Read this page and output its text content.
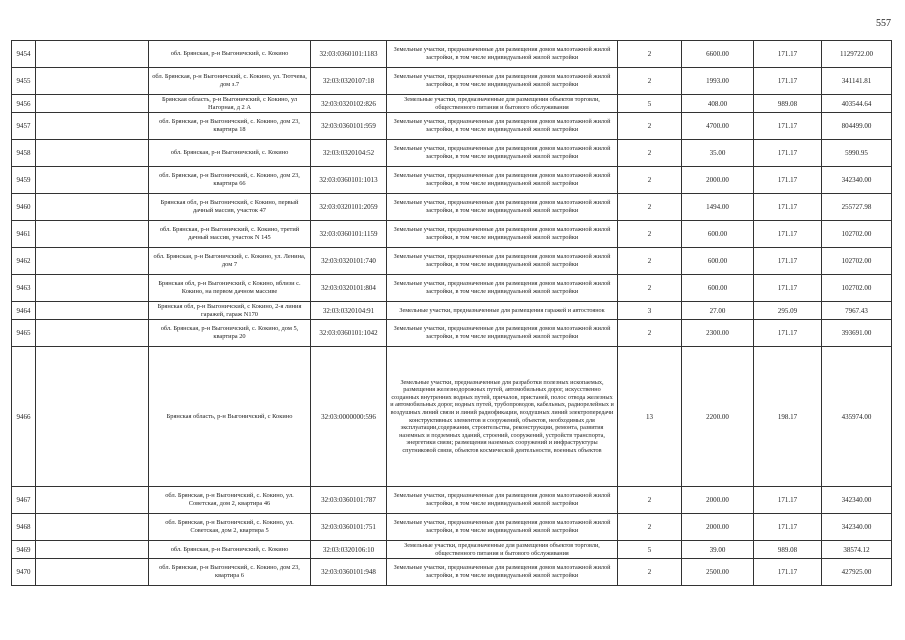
557
9454		обл. Брянская, р-н Выгоничский, с. Кокино	32:03:0360101:1183	Земельные участки, предназначенные для размещения домов малоэтажной жилой застройки, в том числе индивидуальной жилой застройки	2	6600.00	171.17	1129722.00
9455		обл. Брянская, р-н Выгоничский, с. Кокино, ул. Тютчева, дом з.7	32:03:0320107:18	Земельные участки, предназначенные для размещения домов малоэтажной жилой застройки, в том числе индивидуальной жилой застройки	2	1993.00	171.17	341141.81
9456		Брянская область, р-н Выгоничский, с Кокино, ул Нагорная, д 2 А	32:03:0320102:826	Земельные участки, предназначенные для размещения объектов торговли, общественного питания и бытового обслуживания	5	408.00	989.08	403544.64
9457		обл. Брянская, р-н Выгоничский, с. Кокино, дом 23, квартира 18	32:03:0360101:959	Земельные участки, предназначенные для размещения домов малоэтажной жилой застройки, в том числе индивидуальной жилой застройки	2	4700.00	171.17	804499.00
9458		обл. Брянская, р-н Выгоничский, с. Кокино	32:03:0320104:52	Земельные участки, предназначенные для размещения домов малоэтажной жилой застройки, в том числе индивидуальной жилой застройки	2	35.00	171.17	5990.95
9459		обл. Брянская, р-н Выгоничский, с. Кокино, дом 23, квартира 66	32:03:0360101:1013	Земельные участки, предназначенные для размещения домов малоэтажной жилой застройки, в том числе индивидуальной жилой застройки	2	2000.00	171.17	342340.00
9460		Брянская обл, р-н Выгоничский, с Кокино, первый дачный массив, участок 47	32:03:0320101:2059	Земельные участки, предназначенные для размещения домов малоэтажной жилой застройки, в том числе индивидуальной жилой застройки	2	1494.00	171.17	255727.98
9461		обл. Брянская, р-н Выгоничский, с. Кокино, третий дачный массив, участок N 145	32:03:0360101:1159	Земельные участки, предназначенные для размещения домов малоэтажной жилой застройки, в том числе индивидуальной жилой застройки	2	600.00	171.17	102702.00
9462		обл. Брянская, р-н Выгоничский, с. Кокино, ул. Ленина, дом 7	32:03:0320101:740	Земельные участки, предназначенные для размещения домов малоэтажной жилой застройки, в том числе индивидуальной жилой застройки	2	600.00	171.17	102702.00
9463		Брянская обл, р-н Выгоничский, с Кокино, вблизи с. Кокино, на первом дачном массиве	32:03:0320101:804	Земельные участки, предназначенные для размещения домов малоэтажной жилой застройки, в том числе индивидуальной жилой застройки	2	600.00	171.17	102702.00
9464		Брянская обл, р-н Выгоничский, с Кокино, 2-я линия гаражей, гараж N170	32:03:0320104:91	Земельные участки, предназначенные для размещения гаражей и автостоянок	3	27.00	295.09	7967.43
9465		обл. Брянская, р-н Выгоничский, с. Кокино, дом 5, квартира 20	32:03:0360101:1042	Земельные участки, предназначенные для размещения домов малоэтажной жилой застройки, в том числе индивидуальной жилой застройки	2	2300.00	171.17	393691.00
9466		Брянская область, р-н Выгоничский, с Кокино	32:03:0000000:596	Земельные участки, предназначенные для разработки полезных ископаемых, размещения железнодорожных путей, автомобильных дорог, искусственно созданных внутренних водных путей, причалов, пристаней, полос отвода железных и автомобильных дорог, водных путей, трубопроводов, кабельных, радиорелейных и воздушных линий связи и линий радиофикации, воздушных линий электропередачи конструктивных элементов и сооружений, объектов, необходимых для эксплуатации,содержания, строительства, реконструкции, ремонта, развития наземных и подземных зданий, строений, сооружений, устройств транспорта, энергетики связи; размещения наземных сооружений и инфраструктуры спутниковой связи, объектов космической деятельности, военных объектов	13	2200.00	198.17	435974.00
9467		обл. Брянская, р-н Выгоничский, с. Кокино, ул. Советская, дом 2, квартира 46	32:03:0360101:787	Земельные участки, предназначенные для размещения домов малоэтажной жилой застройки, в том числе индивидуальной жилой застройки	2	2000.00	171.17	342340.00
9468		обл. Брянская, р-н Выгоничский, с. Кокино, ул. Советская, дом 2, квартира 5	32:03:0360101:751	Земельные участки, предназначенные для размещения домов малоэтажной жилой застройки, в том числе индивидуальной жилой застройки	2	2000.00	171.17	342340.00
9469		обл. Брянская, р-н Выгоничский, с. Кокино	32:03:0320106:10	Земельные участки, предназначенные для размещения объектов торговли, общественного питания и бытового обслуживания	5	39.00	989.08	38574.12
9470		обл. Брянская, р-н Выгоничский, с. Кокино, дом 23, квартира 6	32:03:0360101:948	Земельные участки, предназначенные для размещения домов малоэтажной жилой застройки, в том числе индивидуальной жилой застройки	2	2500.00	171.17	427925.00
